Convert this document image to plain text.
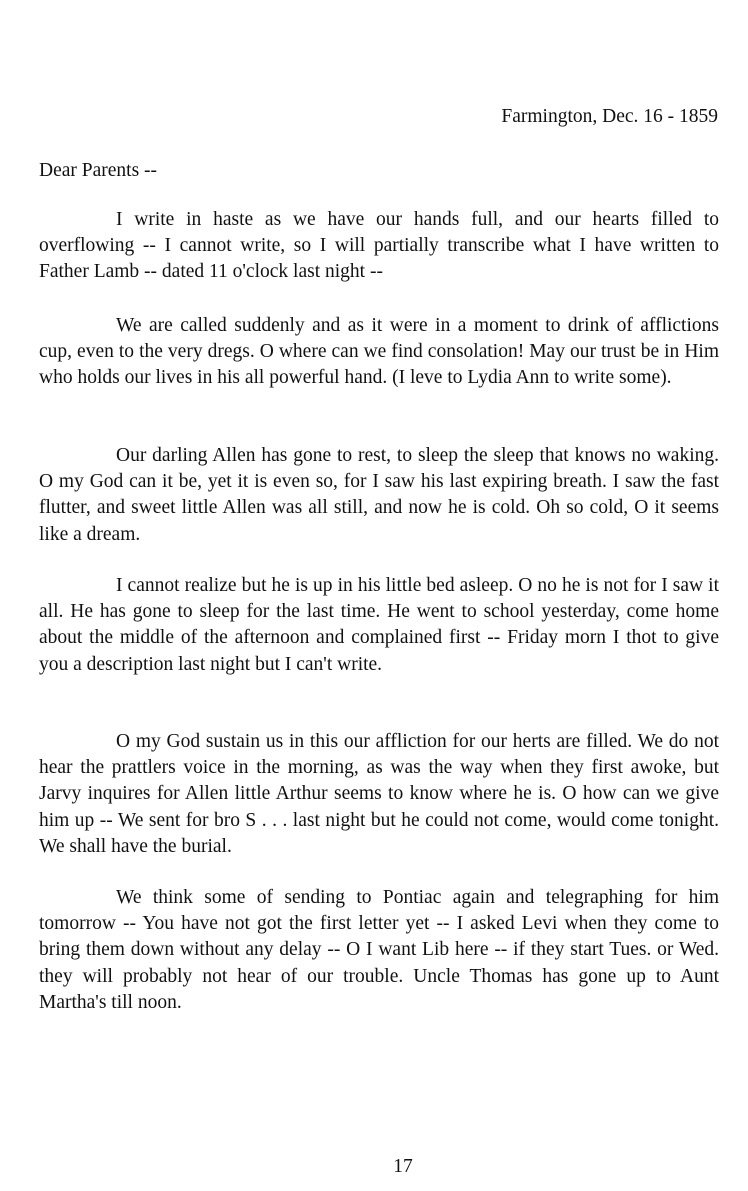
Farmington, Dec. 16 - 1859
Dear Parents --

I write in haste as we have our hands full, and our hearts filled to overflowing -- I cannot write, so I will partially transcribe what I have written to Father Lamb -- dated 11 o'clock last night --

We are called suddenly and as it were in a moment to drink of afflictions cup, even to the very dregs. O where can we find consolation! May our trust be in Him who holds our lives in his all powerful hand. (I leve to Lydia Ann to write some).

Our darling Allen has gone to rest, to sleep the sleep that knows no waking. O my God can it be, yet it is even so, for I saw his last expiring breath. I saw the fast flutter, and sweet little Allen was all still, and now he is cold. Oh so cold, O it seems like a dream.

I cannot realize but he is up in his little bed asleep. O no he is not for I saw it all. He has gone to sleep for the last time. He went to school yesterday, come home about the middle of the afternoon and complained first -- Friday morn I thot to give you a description last night but I can't write.

O my God sustain us in this our affliction for our herts are filled. We do not hear the prattlers voice in the morning, as was the way when they first awoke, but Jarvy inquires for Allen little Arthur seems to know where he is. O how can we give him up -- We sent for bro S . . . last night but he could not come, would come tonight. We shall have the burial.

We think some of sending to Pontiac again and telegraphing for him tomorrow -- You have not got the first letter yet -- I asked Levi when they come to bring them down without any delay -- O I want Lib here -- if they start Tues. or Wed. they will probably not hear of our trouble. Uncle Thomas has gone up to Aunt Martha's till noon.

17
